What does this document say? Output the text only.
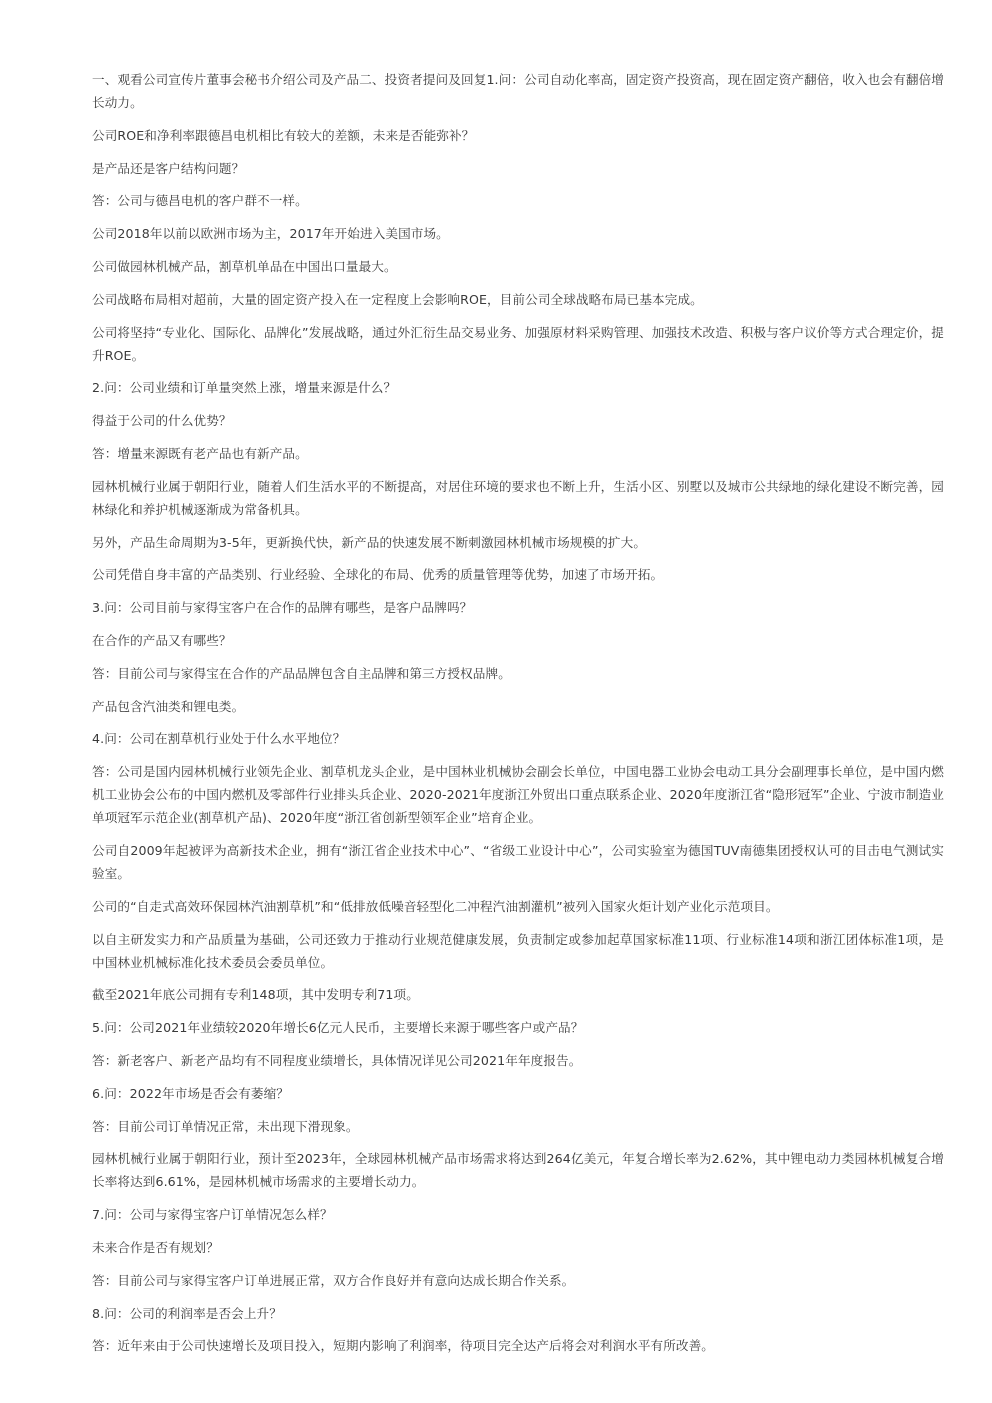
一、观看公司宣传片董事会秘书介绍公司及产品二、投资者提问及回复1.问：公司自动化率高，固定资产投资高，现在固定资产翻倍，收入也会有翻倍增长动力。

公司ROE和净利率跟德昌电机相比有较大的差额，未来是否能弥补？

是产品还是客户结构问题？

答：公司与德昌电机的客户群不一样。

公司2018年以前以欧洲市场为主，2017年开始进入美国市场。

公司做园林机械产品，割草机单品在中国出口量最大。

公司战略布局相对超前，大量的固定资产投入在一定程度上会影响ROE，目前公司全球战略布局已基本完成。

公司将坚持“专业化、国际化、品牌化”发展战略，通过外汇衍生品交易业务、加强原材料采购管理、加强技术改造、积极与客户议价等方式合理定价，提升ROE。

2.问：公司业绩和订单量突然上涨，增量来源是什么？

得益于公司的什么优势？

答：增量来源既有老产品也有新产品。

园林机械行业属于朝阳行业，随着人们生活水平的不断提高，对居住环境的要求也不断上升，生活小区、别墅以及城市公共绿地的绿化建设不断完善，园林绿化和养护机械逐渐成为常备机具。

另外，产品生命周期为3-5年，更新换代快，新产品的快速发展不断刺激园林机械市场规模的扩大。

公司凭借自身丰富的产品类别、行业经验、全球化的布局、优秀的质量管理等优势，加速了市场开拓。

3.问：公司目前与家得宝客户在合作的品牌有哪些，是客户品牌吗？

在合作的产品又有哪些？

答：目前公司与家得宝在合作的产品品牌包含自主品牌和第三方授权品牌。

产品包含汽油类和锂电类。

4.问：公司在割草机行业处于什么水平地位？

答：公司是国内园林机械行业领先企业、割草机龙头企业，是中国林业机械协会副会长单位，中国电器工业协会电动工具分会副理事长单位，是中国内燃机工业协会公布的中国内燃机及零部件行业排头兵企业、2020-2021年度浙江外贸出口重点联系企业、2020年度浙江省“隐形冠军”企业、宁波市制造业单项冠军示范企业(割草机产品)、2020年度“浙江省创新型领军企业”培育企业。

公司自2009年起被评为高新技术企业，拥有“浙江省企业技术中心”、“省级工业设计中心”，公司实验室为德国TUV南德集团授权认可的目击电气测试实验室。

公司的“自走式高效环保园林汽油割草机”和“低排放低噪音轻型化二冲程汽油割灌机”被列入国家火炬计划产业化示范项目。

以自主研发实力和产品质量为基础，公司还致力于推动行业规范健康发展，负责制定或参加起草国家标准11项、行业标准14项和浙江团体标准1项，是中国林业机械标准化技术委员会委员单位。

截至2021年底公司拥有专利148项，其中发明专利71项。

5.问：公司2021年业绩较2020年增长6亿元人民币，主要增长来源于哪些客户或产品？

答：新老客户、新老产品均有不同程度业绩增长，具体情况详见公司2021年年度报告。

6.问：2022年市场是否会有萎缩？

答：目前公司订单情况正常，未出现下滑现象。

园林机械行业属于朝阳行业，预计至2023年，全球园林机械产品市场需求将达到264亿美元，年复合增长率为2.62%，其中锂电动力类园林机械复合增长率将达到6.61%，是园林机械市场需求的主要增长动力。

7.问：公司与家得宝客户订单情况怎么样？

未来合作是否有规划？

答：目前公司与家得宝客户订单进展正常，双方合作良好并有意向达成长期合作关系。

8.问：公司的利润率是否会上升？

答：近年来由于公司快速增长及项目投入，短期内影响了利润率，待项目完全达产后将会对利润水平有所改善。
